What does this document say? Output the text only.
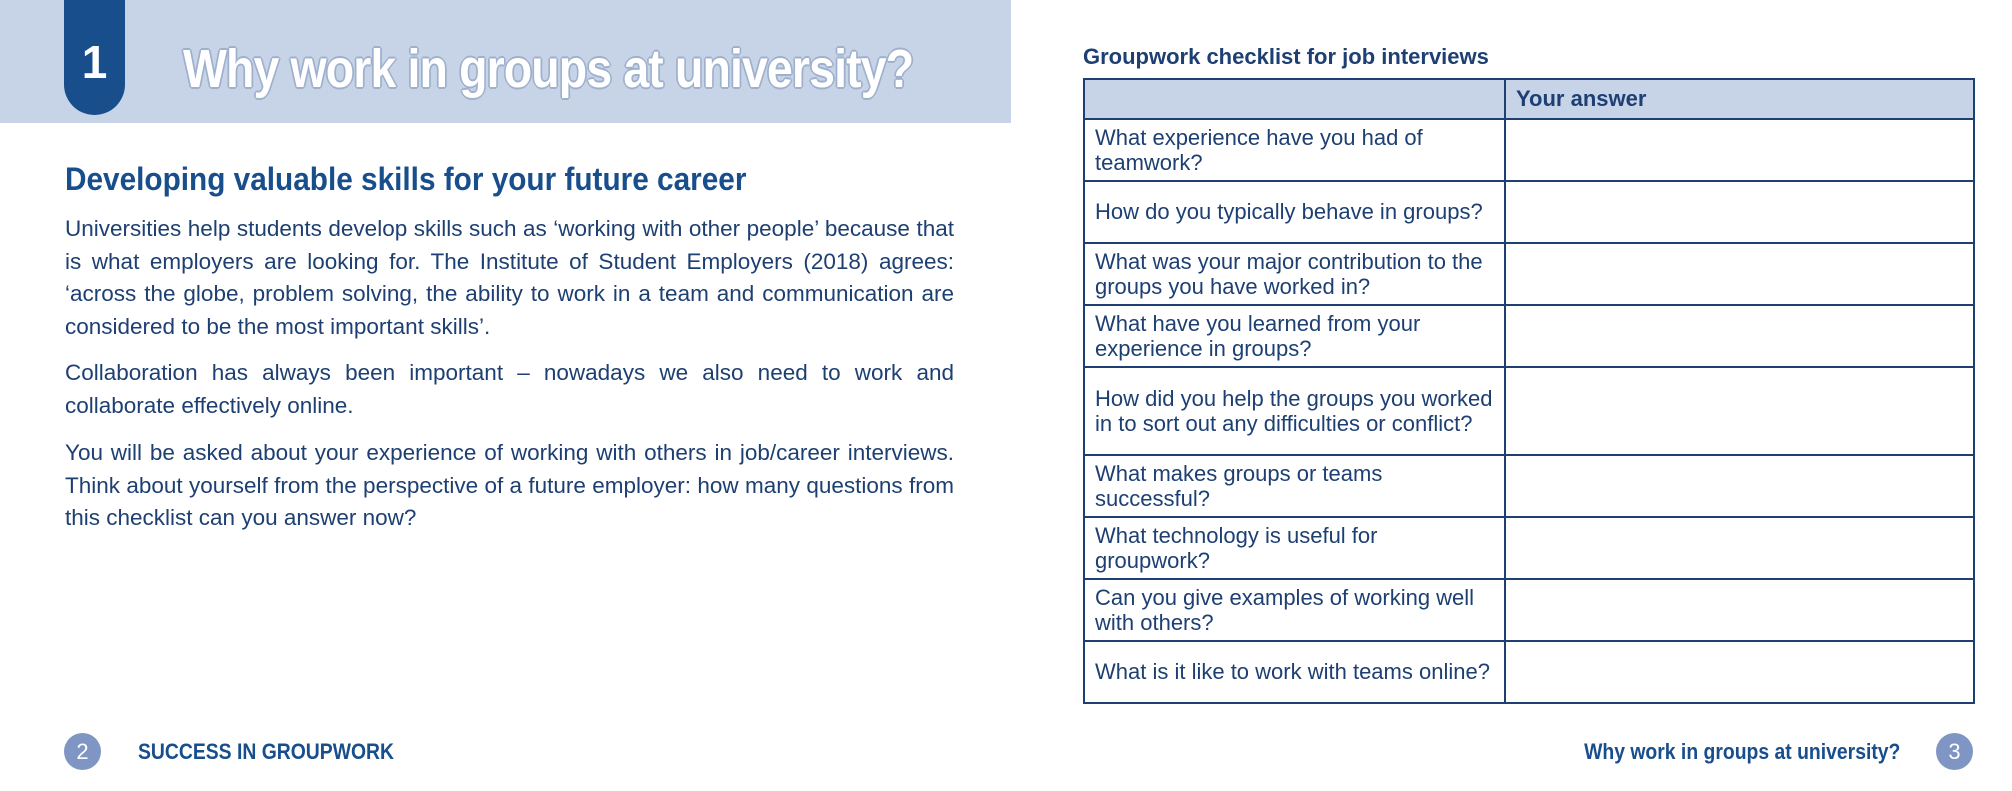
1	Why work in groups at university?
Developing valuable skills for your future career

Universities help students develop skills such as ‘working with other people’ because that is what employers are looking for. The Institute of Student Employers (2018) agrees: ‘across the globe, problem solving, the ability to work in a team and communication are considered to be the most important skills’.

Collaboration has always been important – nowadays we also need to work and collaborate effectively online.

You will be asked about your experience of working with others in job/career interviews. Think about yourself from the perspective of a future employer: how many questions from this checklist can you answer now?

Groupwork checklist for job interviews
	Your answer
What experience have you had of teamwork?	
How do you typically behave in groups?	
What was your major contribution to the groups you have worked in?	
What have you learned from your experience in groups?	
How did you help the groups you worked in to sort out any difficulties or conflict?	
What makes groups or teams successful?	
What technology is useful for groupwork?	
Can you give examples of working well with others?	
What is it like to work with teams online?	
2	SUCCESS IN GROUPWORK	Why work in groups at university?	3
